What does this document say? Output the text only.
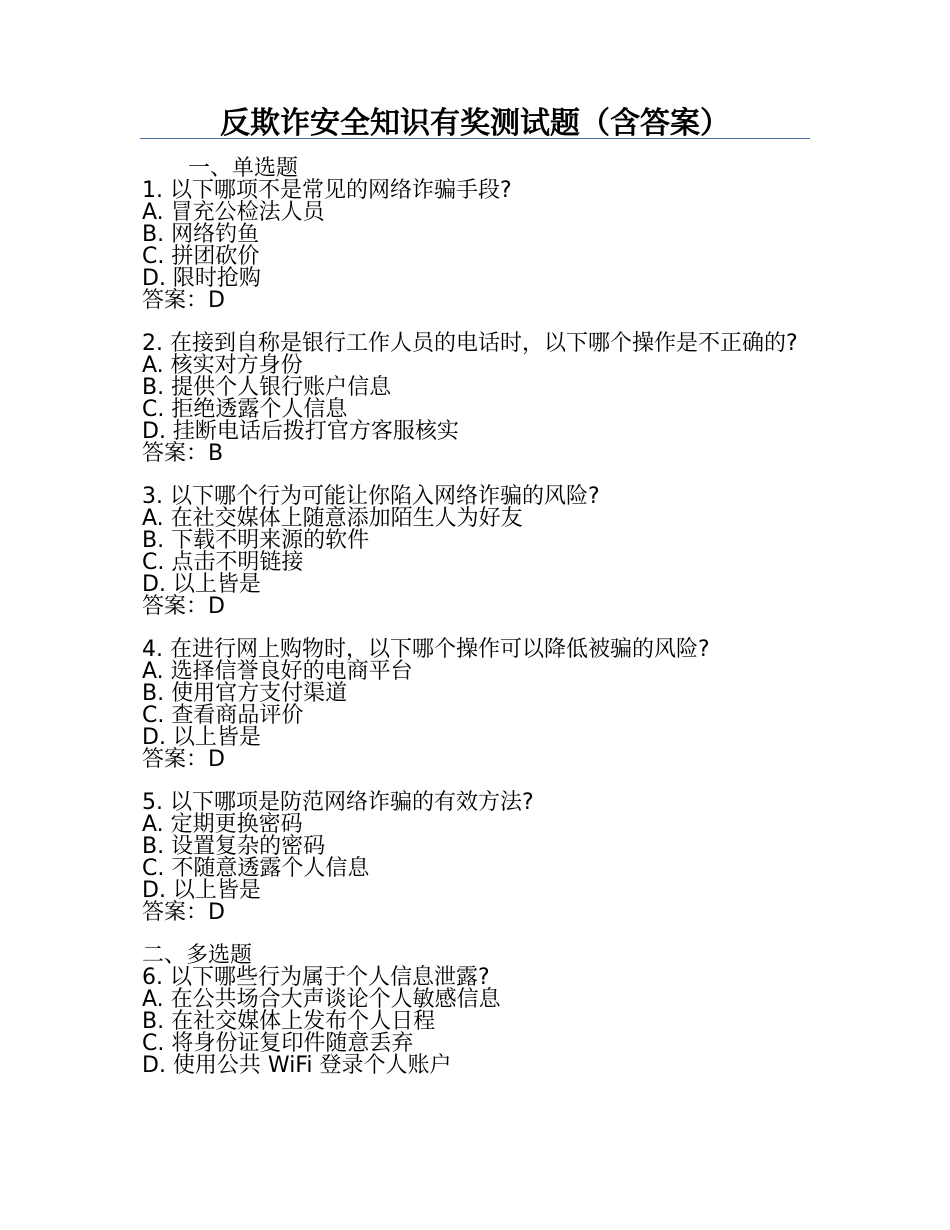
反欺诈安全知识有奖测试题（含答案）
一、单选题
1. 以下哪项不是常见的网络诈骗手段?
A. 冒充公检法人员
B. 网络钓鱼
C. 拼团砍价
D. 限时抢购
答案：D
2. 在接到自称是银行工作人员的电话时，以下哪个操作是不正确的?
A. 核实对方身份
B. 提供个人银行账户信息
C. 拒绝透露个人信息
D. 挂断电话后拨打官方客服核实
答案：B
3. 以下哪个行为可能让你陷入网络诈骗的风险?
A. 在社交媒体上随意添加陌生人为好友
B. 下载不明来源的软件
C. 点击不明链接
D. 以上皆是
答案：D
4. 在进行网上购物时，以下哪个操作可以降低被骗的风险?
A. 选择信誉良好的电商平台
B. 使用官方支付渠道
C. 查看商品评价
D. 以上皆是
答案：D
5. 以下哪项是防范网络诈骗的有效方法?
A. 定期更换密码
B. 设置复杂的密码
C. 不随意透露个人信息
D. 以上皆是
答案：D
二、多选题
6. 以下哪些行为属于个人信息泄露?
A. 在公共场合大声谈论个人敏感信息
B. 在社交媒体上发布个人日程
C. 将身份证复印件随意丢弃
D. 使用公共 WiFi 登录个人账户
